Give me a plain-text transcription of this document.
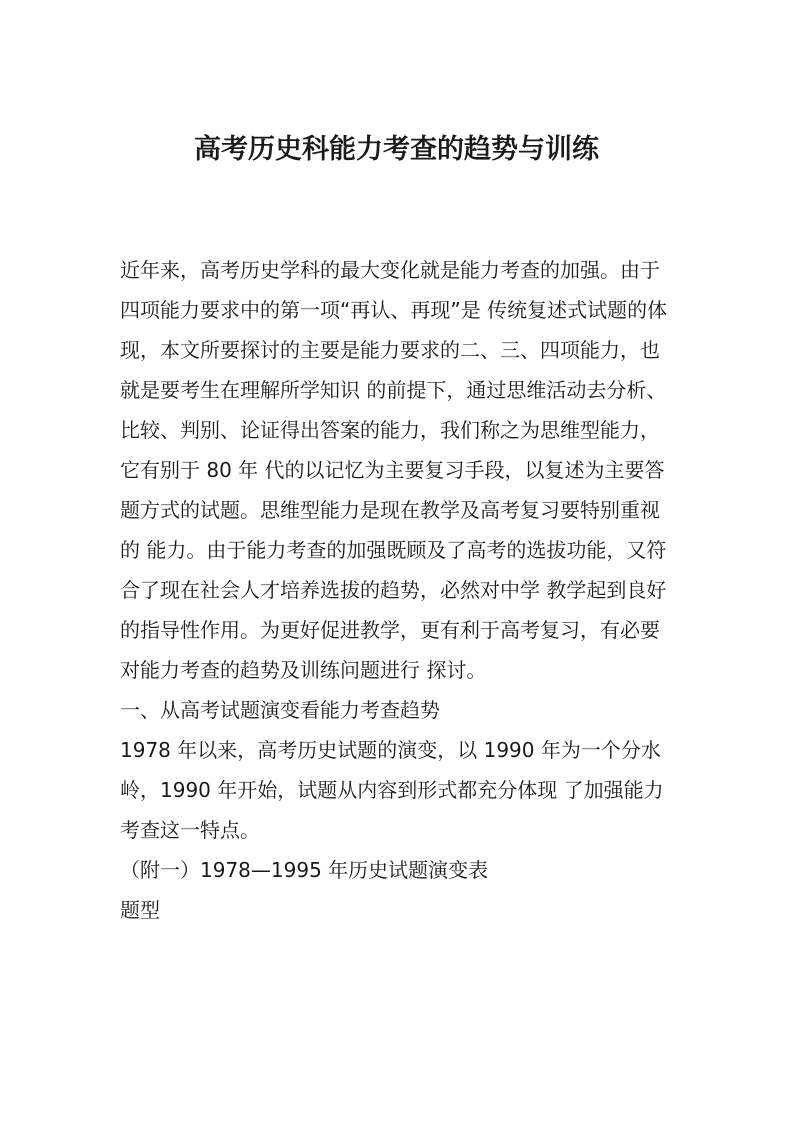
高考历史科能力考查的趋势与训练

近年来，高考历史学科的最大变化就是能力考查的加强。由于四项能力要求中的第一项“再认、再现”是 传统复述式试题的体现，本文所要探讨的主要是能力要求的二、三、四项能力，也就是要考生在理解所学知识 的前提下，通过思维活动去分析、比较、判别、论证得出答案的能力，我们称之为思维型能力，它有别于 80 年 代的以记忆为主要复习手段，以复述为主要答题方式的试题。思维型能力是现在教学及高考复习要特别重视的 能力。由于能力考查的加强既顾及了高考的选拔功能，又符合了现在社会人才培养选拔的趋势，必然对中学 教学起到良好的指导性作用。为更好促进教学，更有利于高考复习，有必要对能力考查的趋势及训练问题进行 探讨。

一、从高考试题演变看能力考查趋势

1978 年以来，高考历史试题的演变，以 1990 年为一个分水岭，1990 年开始，试题从内容到形式都充分体现 了加强能力考查这一特点。

（附一）1978—1995 年历史试题演变表

题型
